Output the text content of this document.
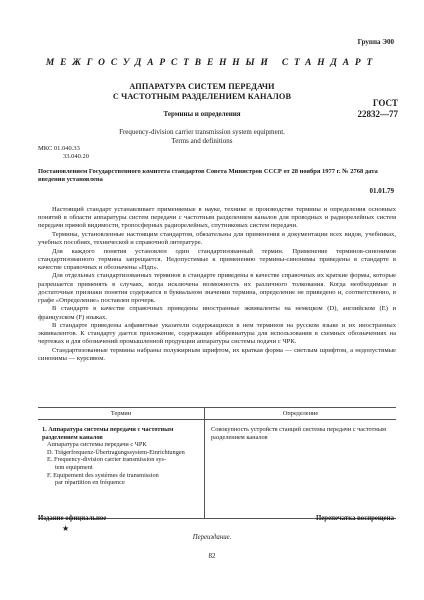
Группа Э00
МЕЖГОСУДАРСТВЕННЫЙ СТАНДАРТ
АППАРАТУРА СИСТЕМ ПЕРЕДАЧИ
С ЧАСТОТНЫМ РАЗДЕЛЕНИЕМ КАНАЛОВ
Термины и определения
Frequency-division carrier transmission system equipment.
Terms and definitions
ГОСТ
22832—77
МКС 01.040.33
33.040.20
Постановлением Государственного комитета стандартов Совета Министров СССР от 28 ноября 1977 г. № 2768 дата введения установлена
01.01.79

Настоящий стандарт устанавливает применяемые в науке, технике и производстве термины и определения основных понятий в области аппаратуры систем передачи с частотным разделением каналов для проводных и радиорелейных систем передачи прямой видимости, тропосферных радиорелейных, спутниковых систем передачи.

Термины, установленные настоящим стандартом, обязательны для применения в документации всех видов, учебниках, учебных пособиях, технической и справочной литературе.

Для каждого понятия установлен один стандартизованный термин. Применение терминов-синонимов стандартизованного термина запрещается. Недопустимые к применению термины-синонимы приведены в стандарте в качестве справочных и обозначены «Ндп».

Для отдельных стандартизованных терминов в стандарте приведены в качестве справочных их краткие формы, которые разрешается применять в случаях, когда исключена возможность их различного толкования. Когда необходимые и достаточные признаки понятия содержатся в буквальном значении термина, определение не приведено и, соответственно, в графе «Определение» поставлен прочерк.

В стандарте в качестве справочных приведены иностранные эквиваленты на немецком (D), английском (E) и французском (F) языках.

В стандарте приведены алфавитные указатели содержащихся в нем терминов на русском языке и их иностранных эквивалентов. К стандарту дается приложение, содержащее аббревиатуры для использования в схемных обозначениях на чертежах и для обозначений промышленной продукции аппаратуры системы подачи с ЧРК.

Стандартизованные термины набраны полужирным шрифтом, их краткая форма — светлым шрифтом, а недопустимые синонимы — курсивом.

Термин	Определение
1. Аппаратура системы передачи с частотным разделением каналов
Аппаратура системы передачи с ЧРК
D. Trägerfrequenz-Übertragungssystem-Einrichtungen
E. Frequency-division carrier transmission sys-
tem equipment
F. Equipement des systèmes de transmission
par répartition en fréquence
Совокупность устройств станций системы передачи с частотным разделением каналов
Издание официальное	Перепечатка воспрещена
★
Переиздание.
82
